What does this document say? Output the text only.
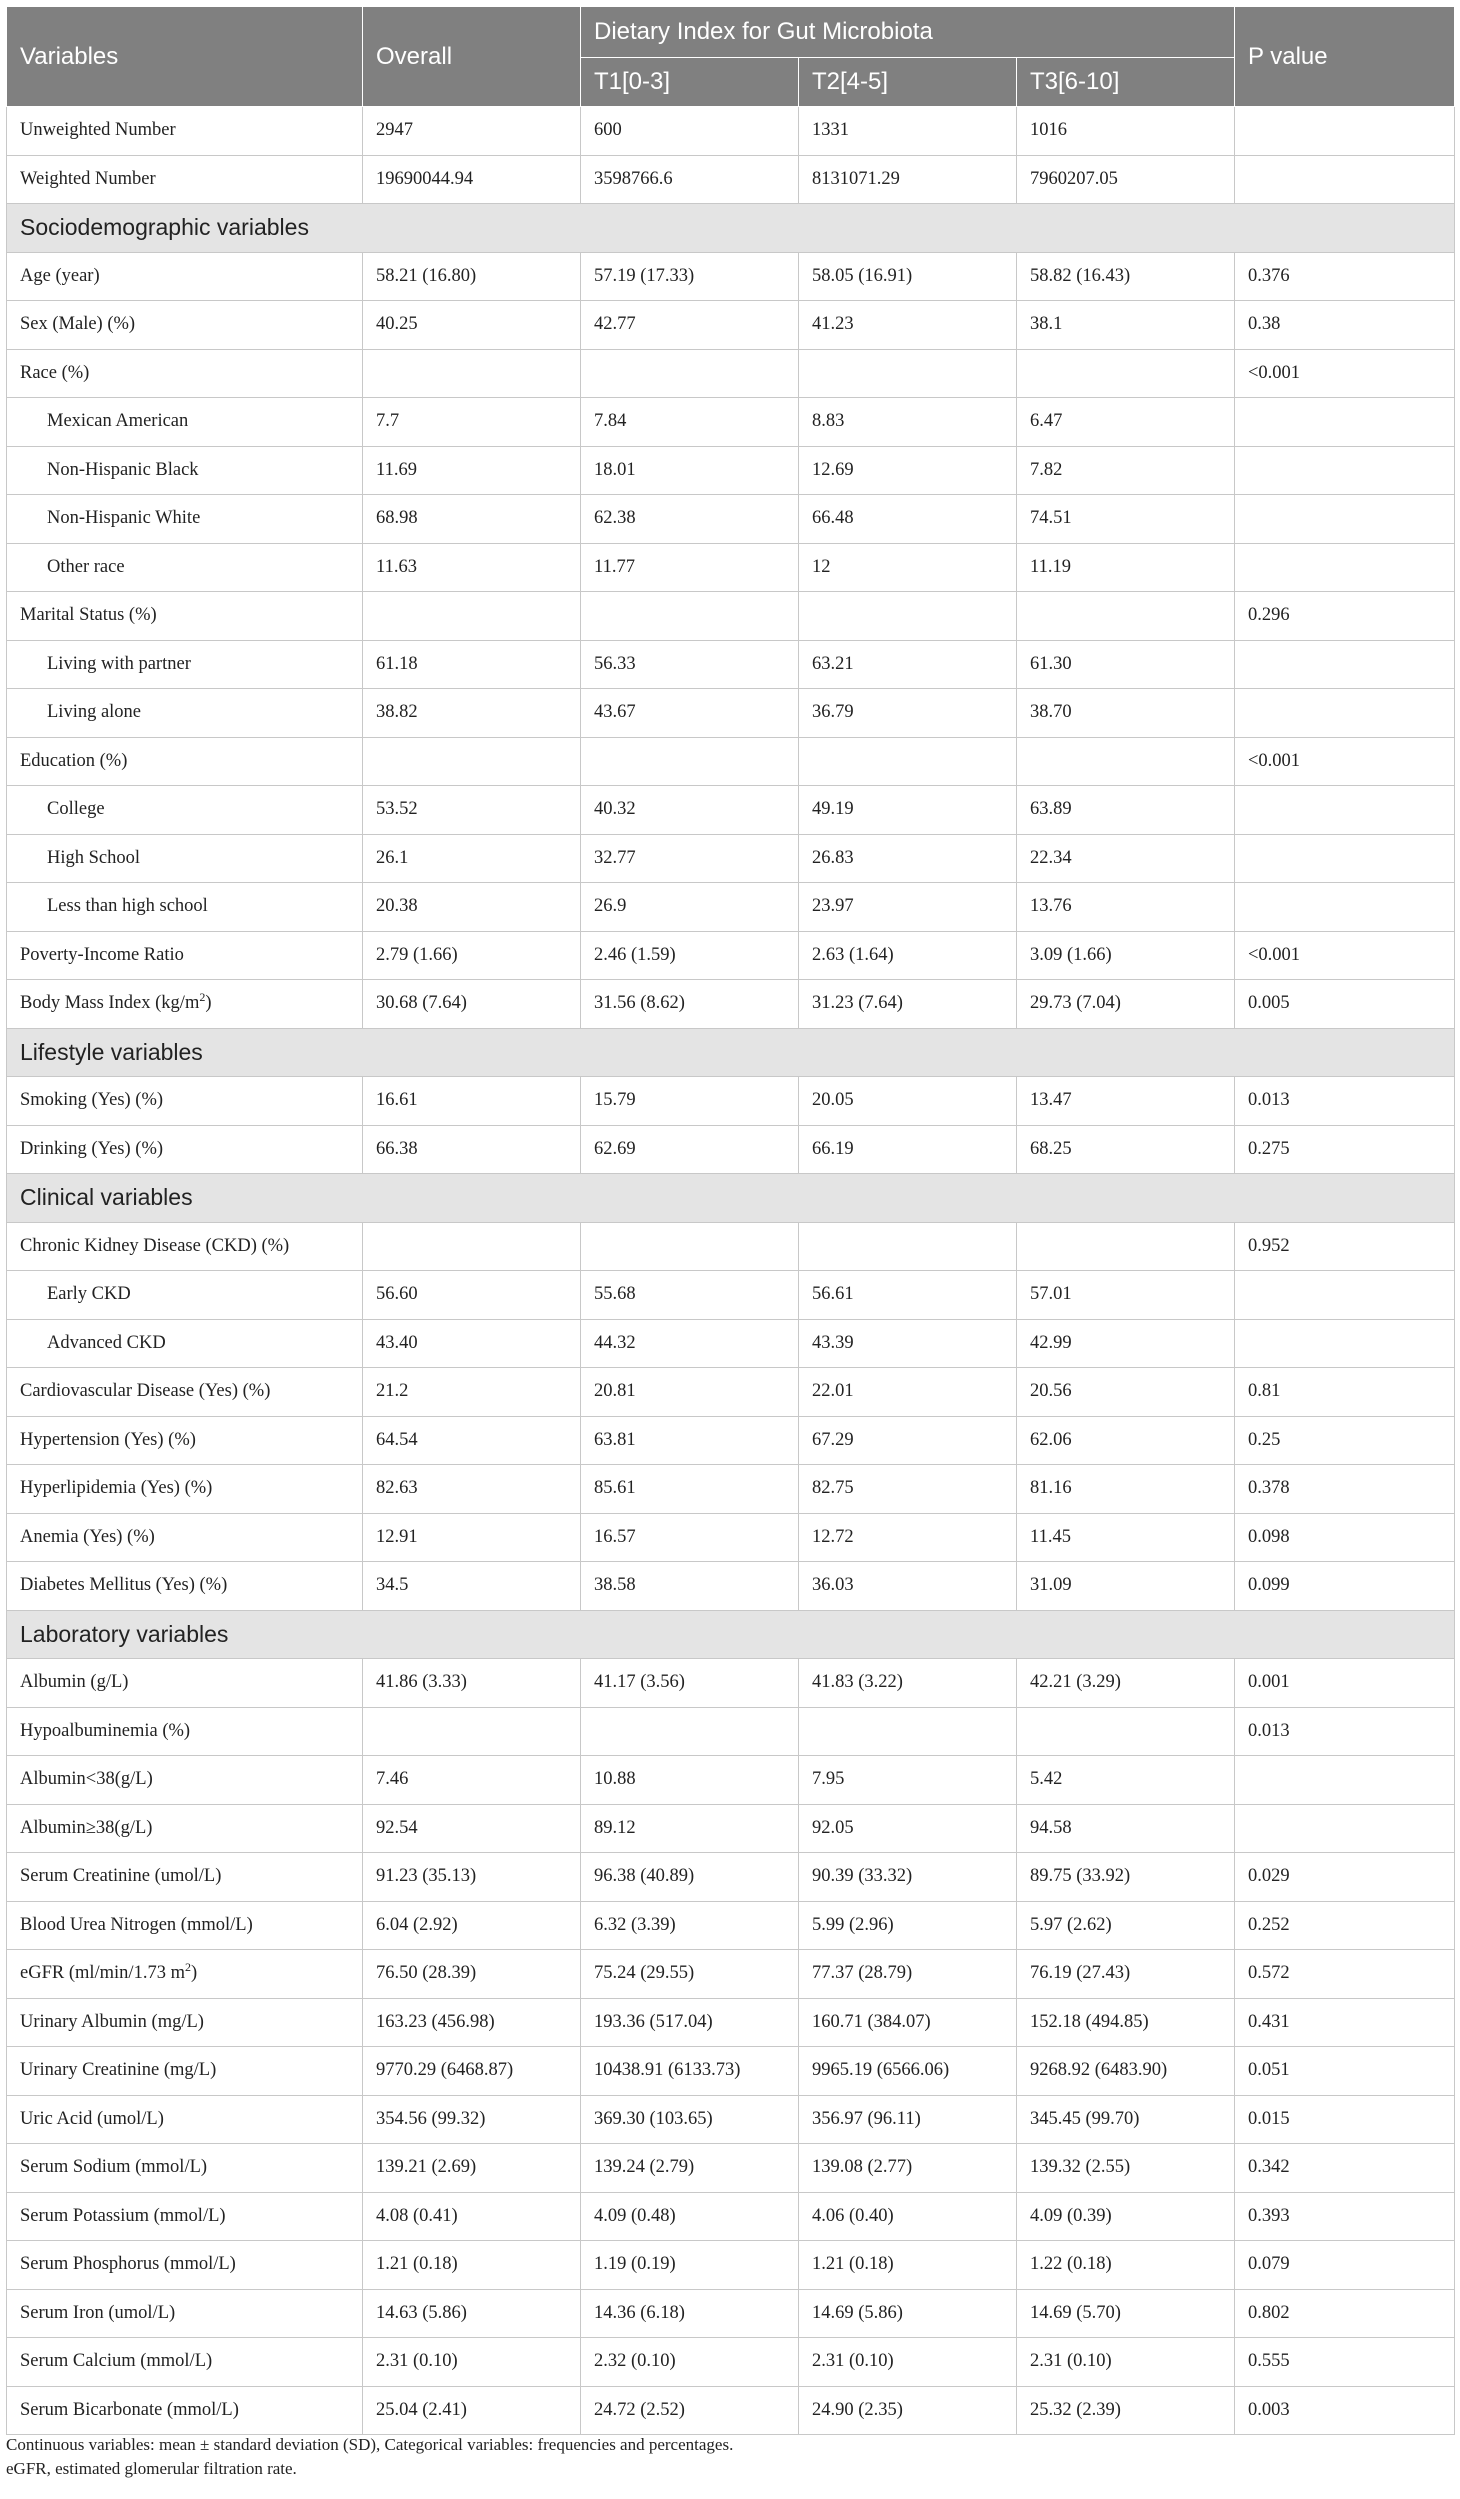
Variables	Overall	Dietary Index for Gut Microbiota			P value
		T1[0-3]	T2[4-5]	T3[6-10]	
Unweighted Number	2947	600	1331	1016	
Weighted Number	19690044.94	3598766.6	8131071.29	7960207.05	
Sociodemographic variables					
Age (year)	58.21 (16.80)	57.19 (17.33)	58.05 (16.91)	58.82 (16.43)	0.376
Sex (Male) (%)	40.25	42.77	41.23	38.1	0.38
Race (%)					<0.001
Mexican American	7.7	7.84	8.83	6.47	
Non-Hispanic Black	11.69	18.01	12.69	7.82	
Non-Hispanic White	68.98	62.38	66.48	74.51	
Other race	11.63	11.77	12	11.19	
Marital Status (%)					0.296
Living with partner	61.18	56.33	63.21	61.30	
Living alone	38.82	43.67	36.79	38.70	
Education (%)					<0.001
College	53.52	40.32	49.19	63.89	
High School	26.1	32.77	26.83	22.34	
Less than high school	20.38	26.9	23.97	13.76	
Poverty-Income Ratio	2.79 (1.66)	2.46 (1.59)	2.63 (1.64)	3.09 (1.66)	<0.001
Body Mass Index $(kg/m^2)$	30.68 (7.64)	31.56 (8.62)	31.23 (7.64)	29.73 (7.04)	0.005
Lifestyle variables					
Smoking (Yes) (%)	16.61	15.79	20.05	13.47	0.013
Drinking (Yes) (%)	66.38	62.69	66.19	68.25	0.275
Clinical variables					
Chronic Kidney Disease (CKD) (%)					0.952
Early CKD	56.60	55.68	56.61	57.01	
Advanced CKD	43.40	44.32	43.39	42.99	
Cardiovascular Disease (Yes) (%)	21.2	20.81	22.01	20.56	0.81
Hypertension (Yes) (%)	64.54	63.81	67.29	62.06	0.25
Hyperlipidemia (Yes) (%)	82.63	85.61	82.75	81.16	0.378
Anemia (Yes) (%)	12.91	16.57	12.72	11.45	0.098
Diabetes Mellitus (Yes) (%)	34.5	38.58	36.03	31.09	0.099
Laboratory variables					
Albumin (g/L)	41.86 (3.33)	41.17 (3.56)	41.83 (3.22)	42.21 (3.29)	0.001
Hypoalbuminemia (%)					0.013
Albumin<38(g/L)	7.46	10.88	7.95	5.42	
Albumin≥38(g/L)	92.54	89.12	92.05	94.58	
Serum Creatinine (umol/L)	91.23 (35.13)	96.38 (40.89)	90.39 (33.32)	89.75 (33.92)	0.029
Blood Urea Nitrogen (mmol/L)	6.04 (2.92)	6.32 (3.39)	5.99 (2.96)	5.97 (2.62)	0.252
eGFR (ml/min/1.73 $m^2$)	76.50 (28.39)	75.24 (29.55)	77.37 (28.79)	76.19 (27.43)	0.572
Urinary Albumin (mg/L)	163.23 (456.98)	193.36 (517.04)	160.71 (384.07)	152.18 (494.85)	0.431
Urinary Creatinine (mg/L)	9770.29 (6468.87)	10438.91 (6133.73)	9965.19 (6566.06)	9268.92 (6483.90)	0.051
Uric Acid (umol/L)	354.56 (99.32)	369.30 (103.65)	356.97 (96.11)	345.45 (99.70)	0.015
Serum Sodium (mmol/L)	139.21 (2.69)	139.24 (2.79)	139.08 (2.77)	139.32 (2.55)	0.342
Serum Potassium (mmol/L)	4.08 (0.41)	4.09 (0.48)	4.06 (0.40)	4.09 (0.39)	0.393
Serum Phosphorus (mmol/L)	1.21 (0.18)	1.19 (0.19)	1.21 (0.18)	1.22 (0.18)	0.079
Serum Iron (umol/L)	14.63 (5.86)	14.36 (6.18)	14.69 (5.86)	14.69 (5.70)	0.802
Serum Calcium (mmol/L)	2.31 (0.10)	2.32 (0.10)	2.31 (0.10)	2.31 (0.10)	0.555
Serum Bicarbonate (mmol/L)	25.04 (2.41)	24.72 (2.52)	24.90 (2.35)	25.32 (2.39)	0.003
Continuous variables: mean ± standard deviation (SD), Categorical variables: frequencies and percentages.
eGFR, estimated glomerular filtration rate.
